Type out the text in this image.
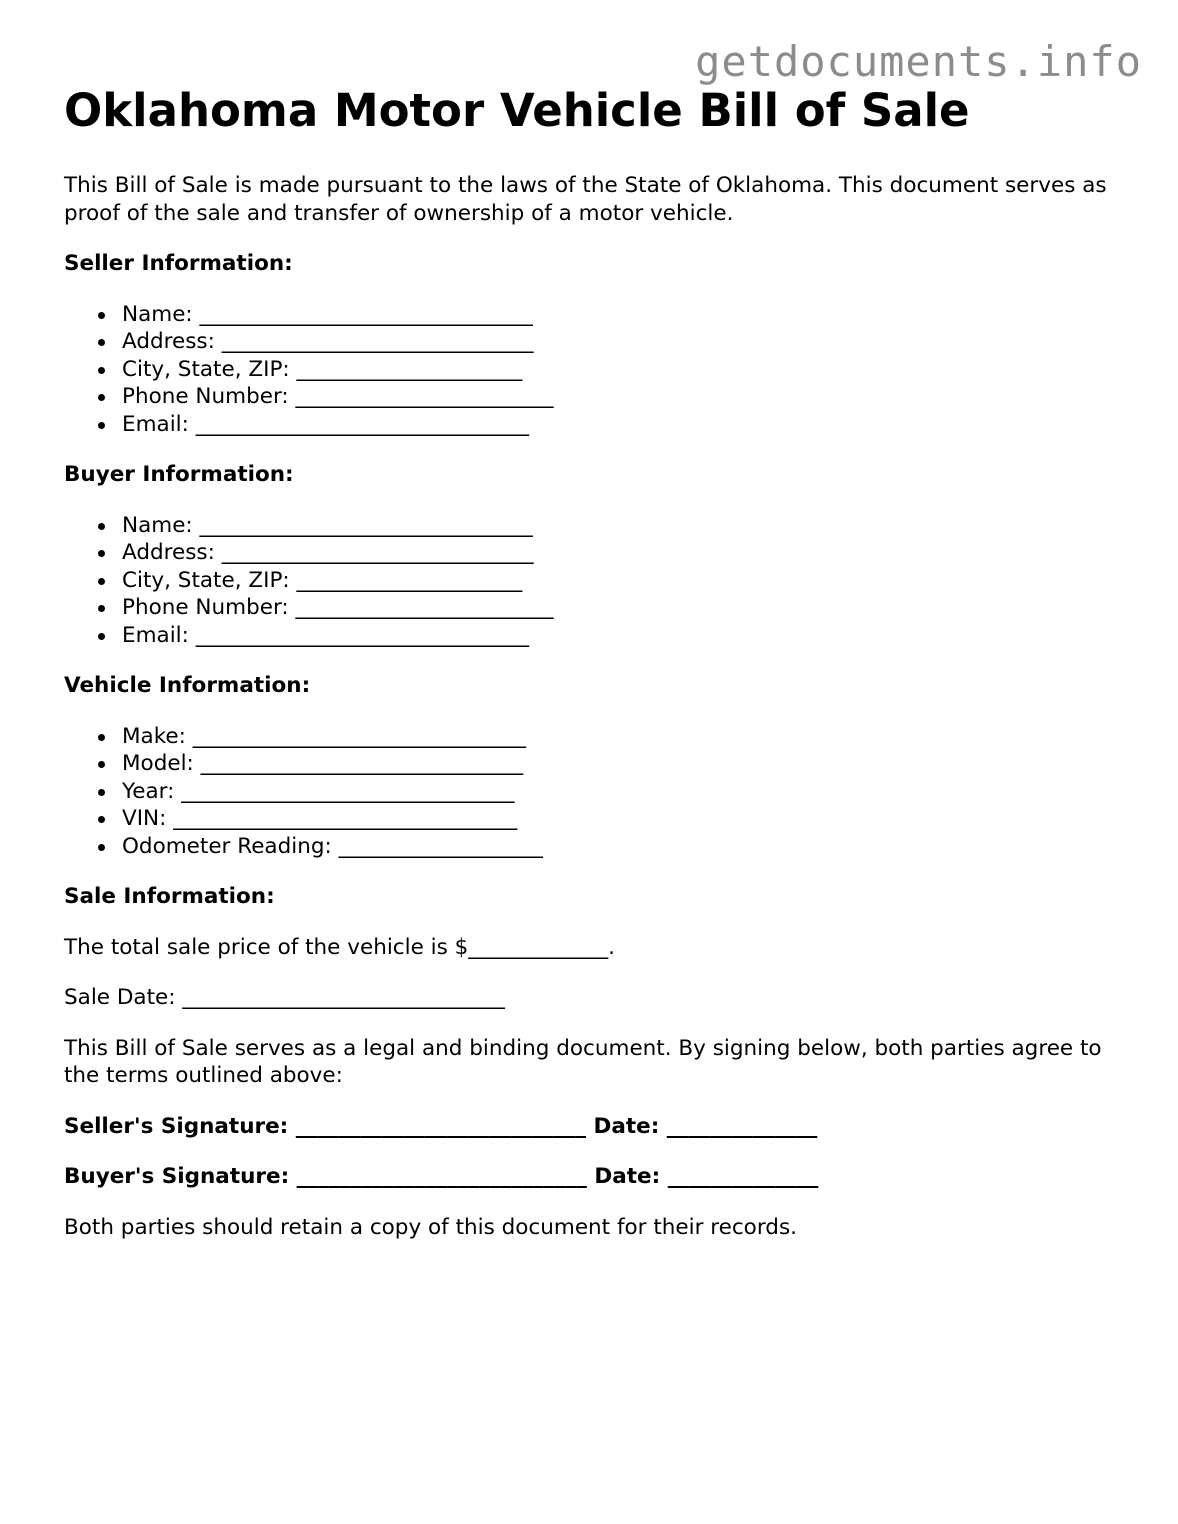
getdocuments.info
Oklahoma Motor Vehicle Bill of Sale

This Bill of Sale is made pursuant to the laws of the State of Oklahoma. This document serves as proof of the sale and transfer of ownership of a motor vehicle.

Seller Information:
Name: _______________________________
Address: _____________________________
City, State, ZIP: _____________________
Phone Number: ________________________
Email: _______________________________
Buyer Information:
Name: _______________________________
Address: _____________________________
City, State, ZIP: _____________________
Phone Number: ________________________
Email: _______________________________
Vehicle Information:
Make: _______________________________
Model: ______________________________
Year: _______________________________
VIN: ________________________________
Odometer Reading: ___________________
Sale Information:

The total sale price of the vehicle is $_____________.

Sale Date: ______________________________

This Bill of Sale serves as a legal and binding document. By signing below, both parties agree to the terms outlined above:

Seller's Signature: ___________________________ Date: ______________
Buyer's Signature: ___________________________ Date: ______________

Both parties should retain a copy of this document for their records.
